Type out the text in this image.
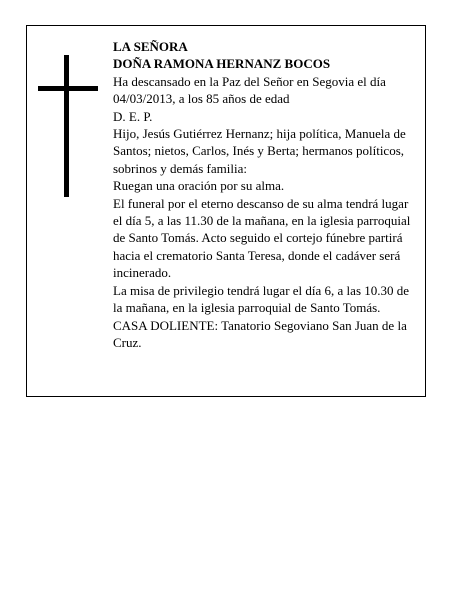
LA SEÑORA

DOÑA RAMONA HERNANZ BOCOS

Ha descansado en la Paz del Señor en Segovia el día 04/03/2013, a los 85 años de edad

D. E. P.

Hijo, Jesús Gutiérrez Hernanz; hija política, Manuela de Santos; nietos, Carlos, Inés y Berta; hermanos políticos, sobrinos y demás familia:

Ruegan una oración por su alma.

El funeral por el eterno descanso de su alma tendrá lugar el día 5, a las 11.30 de la mañana, en la iglesia parroquial de Santo Tomás. Acto seguido el cortejo fúnebre partirá hacia el crematorio Santa Teresa, donde el cadáver será incinerado.

La misa de privilegio tendrá lugar el día 6, a las 10.30 de la mañana, en la iglesia parroquial de Santo Tomás.

CASA DOLIENTE: Tanatorio Segoviano San Juan de la Cruz.
